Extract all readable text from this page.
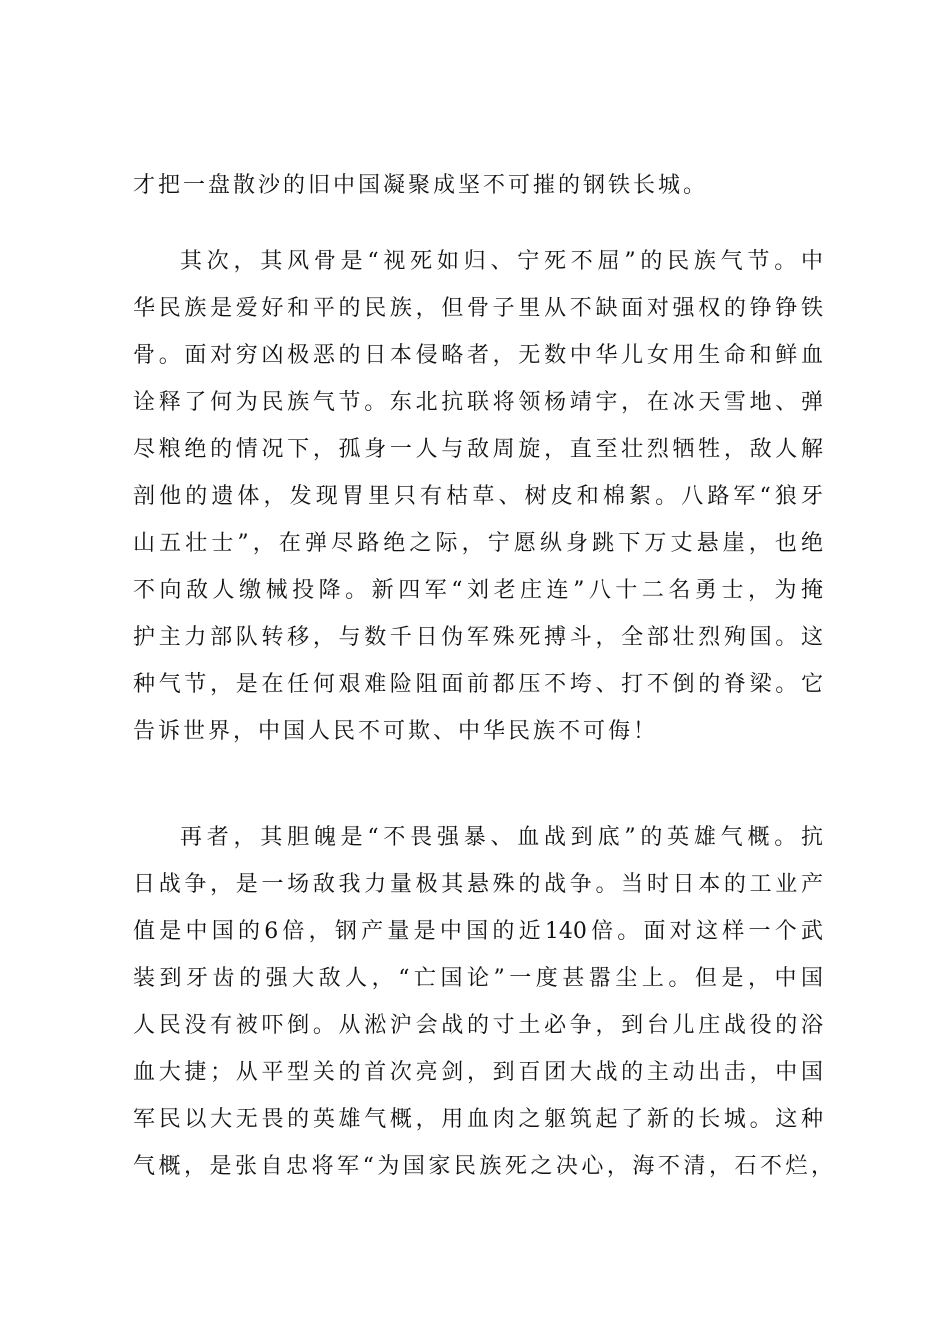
才把一盘散沙的旧中国凝聚成坚不可摧的钢铁长城。
其次，其风骨是“视死如归、宁死不屈”的民族气节。中
华民族是爱好和平的民族，但骨子里从不缺面对强权的铮铮铁
骨。面对穷凶极恶的日本侵略者，无数中华儿女用生命和鲜血
诠释了何为民族气节。东北抗联将领杨靖宇，在冰天雪地、弹
尽粮绝的情况下，孤身一人与敌周旋，直至壮烈牺牲，敌人解
剖他的遗体，发现胃里只有枯草、树皮和棉絮。八路军“狼牙
山五壮士”，在弹尽路绝之际，宁愿纵身跳下万丈悬崖，也绝
不向敌人缴械投降。新四军“刘老庄连”八十二名勇士，为掩
护主力部队转移，与数千日伪军殊死搏斗，全部壮烈殉国。这
种气节，是在任何艰难险阻面前都压不垮、打不倒的脊梁。它
告诉世界，中国人民不可欺、中华民族不可侮！
再者，其胆魄是“不畏强暴、血战到底”的英雄气概。抗
日战争，是一场敌我力量极其悬殊的战争。当时日本的工业产
值是中国的6倍，钢产量是中国的近140倍。面对这样一个武
装到牙齿的强大敌人，“亡国论”一度甚嚣尘上。但是，中国
人民没有被吓倒。从淞沪会战的寸土必争，到台儿庄战役的浴
血大捷；从平型关的首次亮剑，到百团大战的主动出击，中国
军民以大无畏的英雄气概，用血肉之躯筑起了新的长城。这种
气概，是张自忠将军“为国家民族死之决心，海不清，石不烂，
